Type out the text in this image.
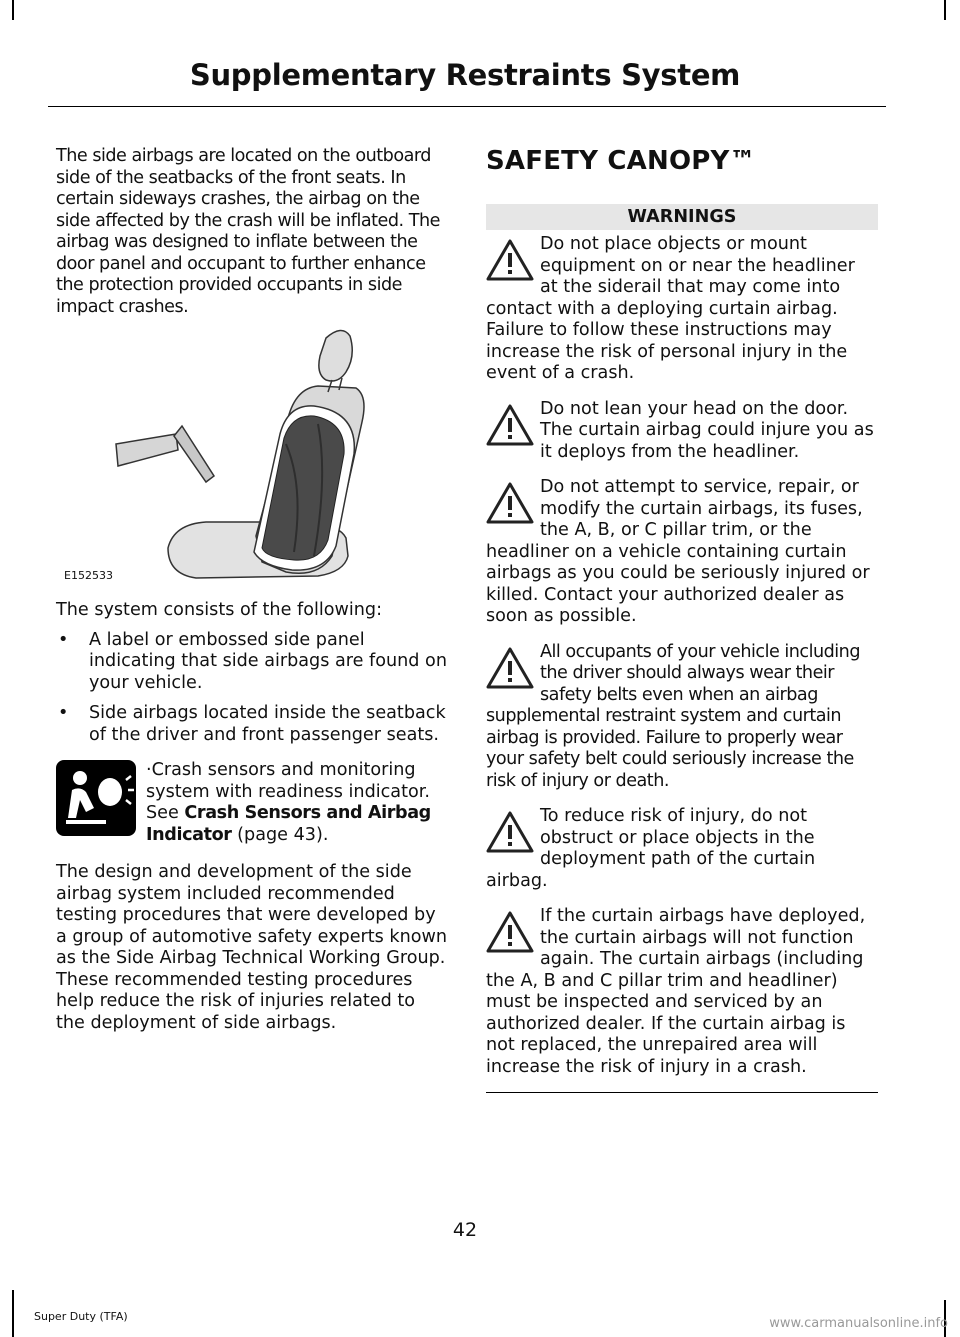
Supplementary Restraints System

The side airbags are located on the outboard side of the seatbacks of the front seats. In certain sideways crashes, the airbag on the side affected by the crash will be inflated. The airbag was designed to inflate between the door panel and occupant to further enhance the protection provided occupants in side impact crashes.

E152533

The system consists of the following:

• A label or embossed side panel indicating that side airbags are found on your vehicle.
• Side airbags located inside the seatback of the driver and front passenger seats.

·Crash sensors and monitoring system with readiness indicator. See Crash Sensors and Airbag Indicator (page 43).

The design and development of the side airbag system included recommended testing procedures that were developed by a group of automotive safety experts known as the Side Airbag Technical Working Group. These recommended testing procedures help reduce the risk of injuries related to the deployment of side airbags.

SAFETY CANOPY™
WARNINGS
Do not place objects or mount equipment on or near the headliner at the siderail that may come into contact with a deploying curtain airbag. Failure to follow these instructions may increase the risk of personal injury in the event of a crash.
Do not lean your head on the door. The curtain airbag could injure you as it deploys from the headliner.
Do not attempt to service, repair, or modify the curtain airbags, its fuses, the A, B, or C pillar trim, or the headliner on a vehicle containing curtain airbags as you could be seriously injured or killed. Contact your authorized dealer as soon as possible.
All occupants of your vehicle including the driver should always wear their safety belts even when an airbag supplemental restraint system and curtain airbag is provided. Failure to properly wear your safety belt could seriously increase the risk of injury or death.
To reduce risk of injury, do not obstruct or place objects in the deployment path of the curtain airbag.
If the curtain airbags have deployed, the curtain airbags will not function again. The curtain airbags (including the A, B and C pillar trim and headliner) must be inspected and serviced by an authorized dealer. If the curtain airbag is not replaced, the unrepaired area will increase the risk of injury in a crash.
42
Super Duty (TFA)	www.carmanualsonline.info
